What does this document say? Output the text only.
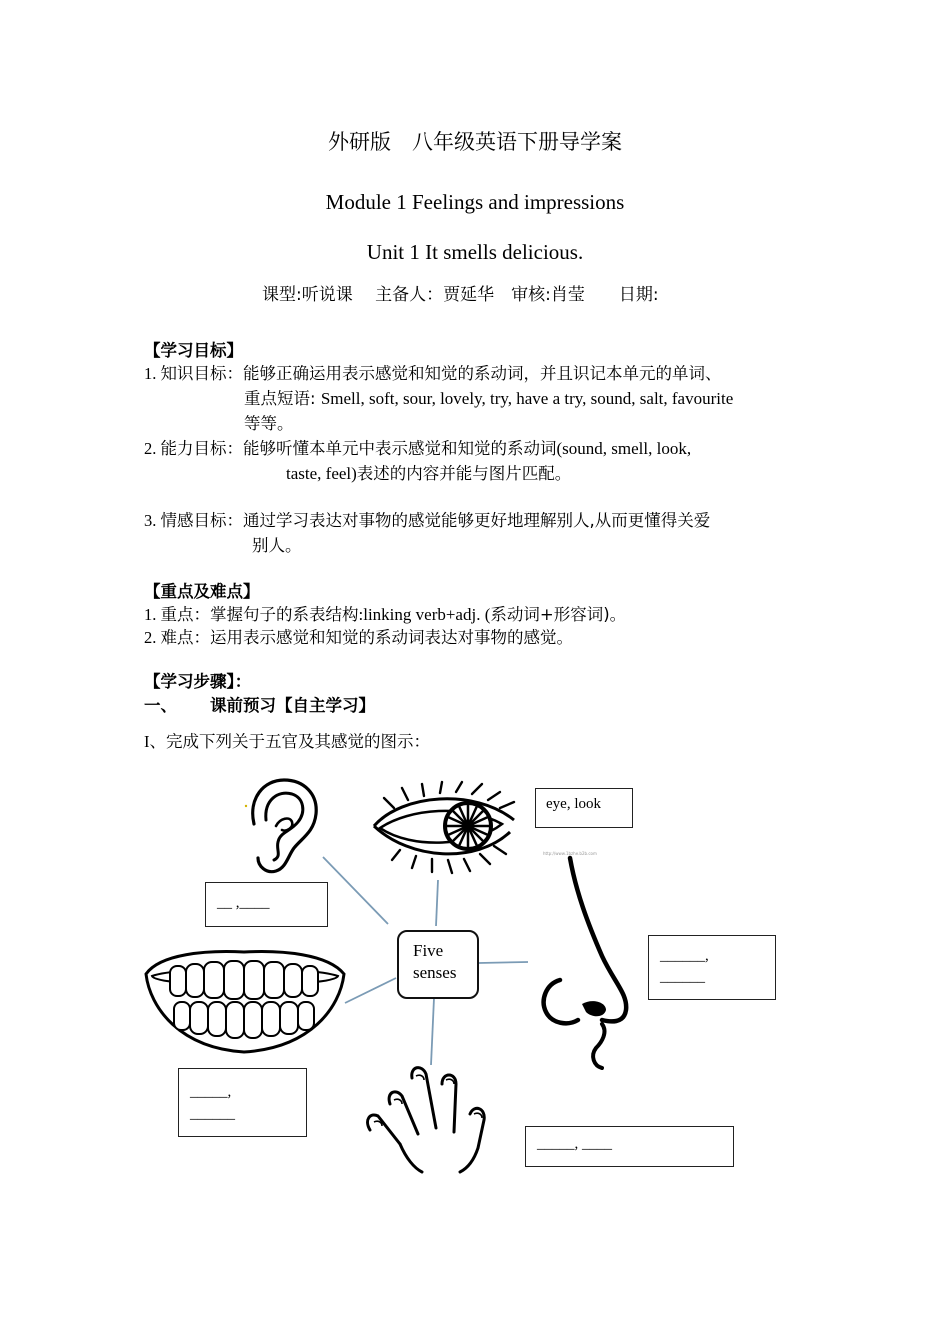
外研版　八年级英语下册导学案
Module 1 Feelings and impressions
Unit 1 It smells delicious.
课型:听说课　 主备人：贾延华　审核:肖莹　　日期:
【学习目标】
1. 知识目标：能够正确运用表示感觉和知觉的系动词，并且识记本单元的单词、
重点短语: Smell, soft, sour, lovely, try, have a try, sound, salt, favourite
等等。
2. 能力目标：能够听懂本单元中表示感觉和知觉的系动词(sound, smell, look,
taste, feel)表述的内容并能与图片匹配。
3. 情感目标：通过学习表达对事物的感觉能够更好地理解别人,从而更懂得关爱
别人。
【重点及难点】
1. 重点：掌握句子的系表结构:linking verb+adj. (系动词+形容词)。
2. 难点：运用表示感觉和知觉的系动词表达对事物的感觉。
【学习步骤】：
一、 课前预习【自主学习】
I、完成下列关于五官及其感觉的图示：
eye, look
__ ,____
http://www.1bzhe.b2b.com
Five
senses
______,
______
_____,
______
_____, ____
